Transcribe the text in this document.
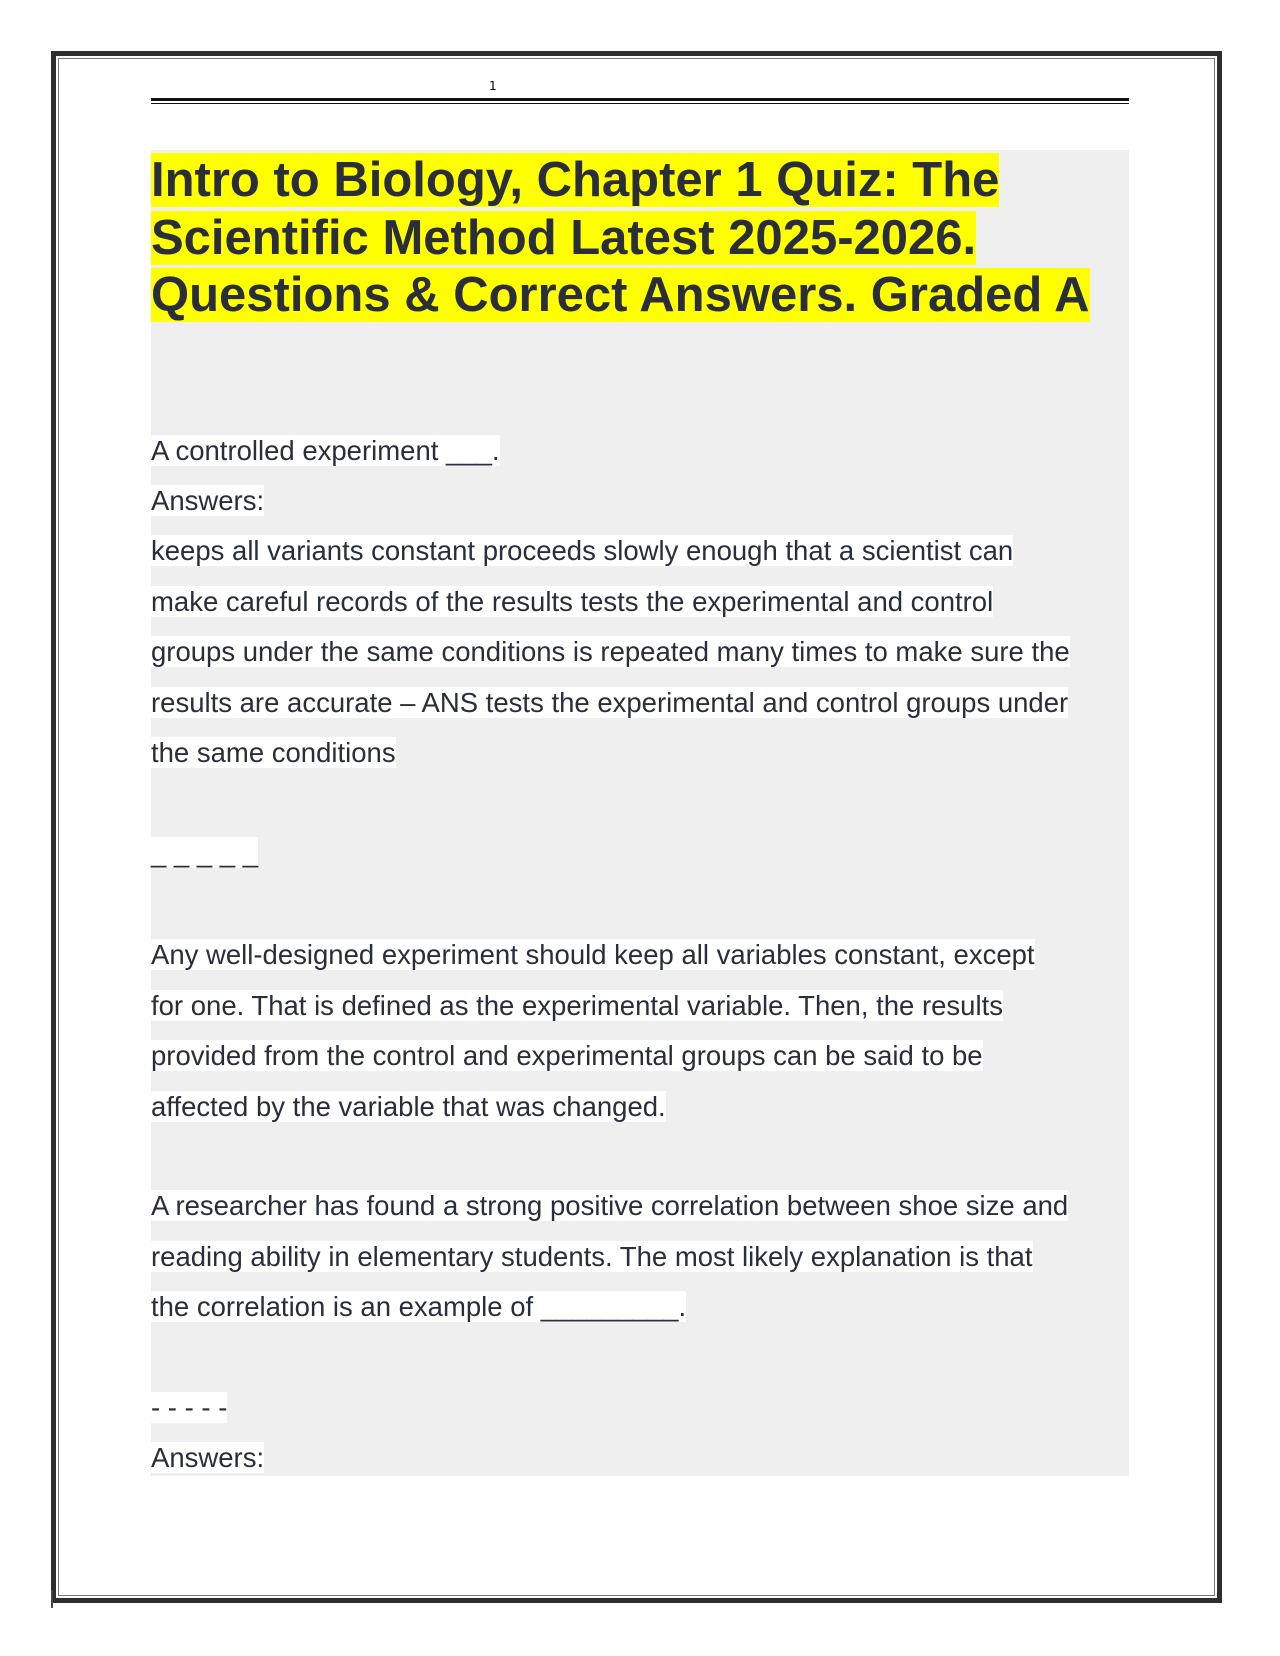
1
Intro to Biology, Chapter 1 Quiz: The
Scientific Method Latest 2025-2026.
Questions & Correct Answers. Graded A

A controlled experiment ___.

Answers:

keeps all variants constant proceeds slowly enough that a scientist can
make careful records of the results tests the experimental and control
groups under the same conditions is repeated many times to make sure the
results are accurate – ANS tests the experimental and control groups under
the same conditions

_ _ _ _ _

Any well-designed experiment should keep all variables constant, except
for one. That is defined as the experimental variable. Then, the results
provided from the control and experimental groups can be said to be
affected by the variable that was changed.

A researcher has found a strong positive correlation between shoe size and
reading ability in elementary students. The most likely explanation is that
the correlation is an example of _________.

- - - - -

Answers:
